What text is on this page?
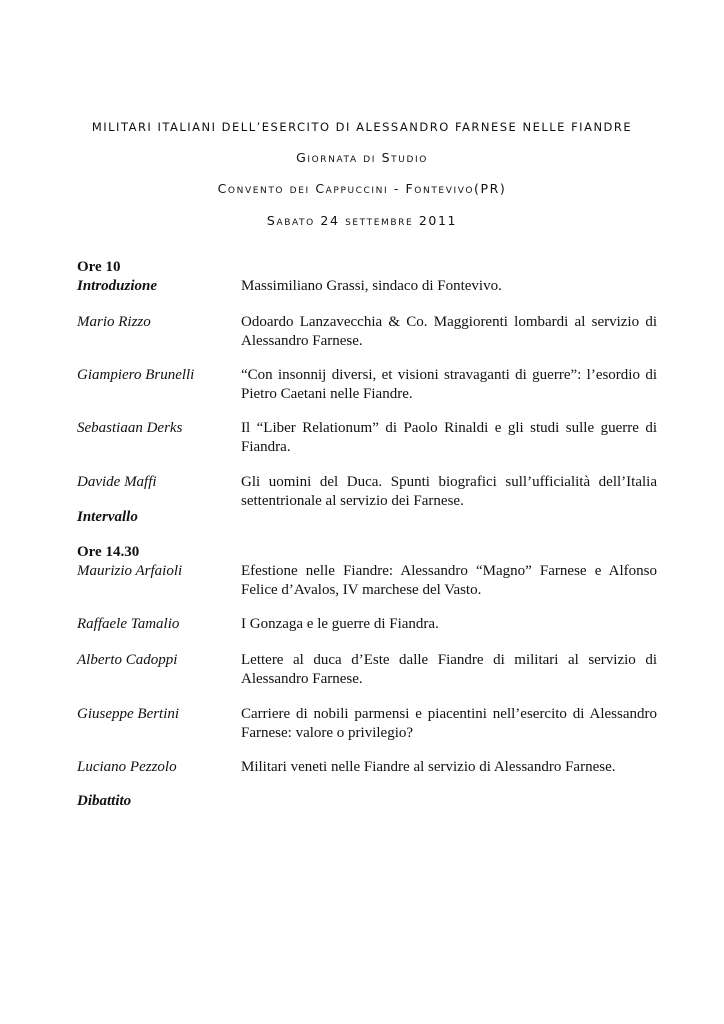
MILITARI ITALIANI DELL’ESERCITO DI ALESSANDRO FARNESE NELLE FIANDRE
Giornata di Studio
Convento dei Cappuccini - Fontevivo(PR)
Sabato 24 settembre 2011
Ore 10
Introduzione	Massimiliano Grassi, sindaco di Fontevivo.
Mario Rizzo	Odoardo Lanzavecchia & Co. Maggiorenti lombardi al servizio di Alessandro Farnese.
Giampiero Brunelli	“Con insonnij diversi, et visioni stravaganti di guerre”: l’esordio di Pietro Caetani nelle Fiandre.
Sebastiaan Derks	Il “Liber Relationum” di Paolo Rinaldi e gli studi sulle guerre di Fiandra.
Davide Maffi	Gli uomini del Duca. Spunti biografici sull’ufficialità dell’Italia settentrionale al servizio dei Farnese.
Intervallo
Ore 14.30
Maurizio Arfaioli	Efestione nelle Fiandre: Alessandro “Magno” Farnese e Alfonso Felice d’Avalos, IV marchese del Vasto.
Raffaele Tamalio	I Gonzaga e le guerre di Fiandra.
Alberto Cadoppi	Lettere al duca d’Este dalle Fiandre di militari al servizio di Alessandro Farnese.
Giuseppe Bertini	Carriere di nobili parmensi e piacentini nell’esercito di Alessandro Farnese: valore o privilegio?
Luciano Pezzolo	Militari veneti nelle Fiandre al servizio di Alessandro Farnese.
Dibattito
